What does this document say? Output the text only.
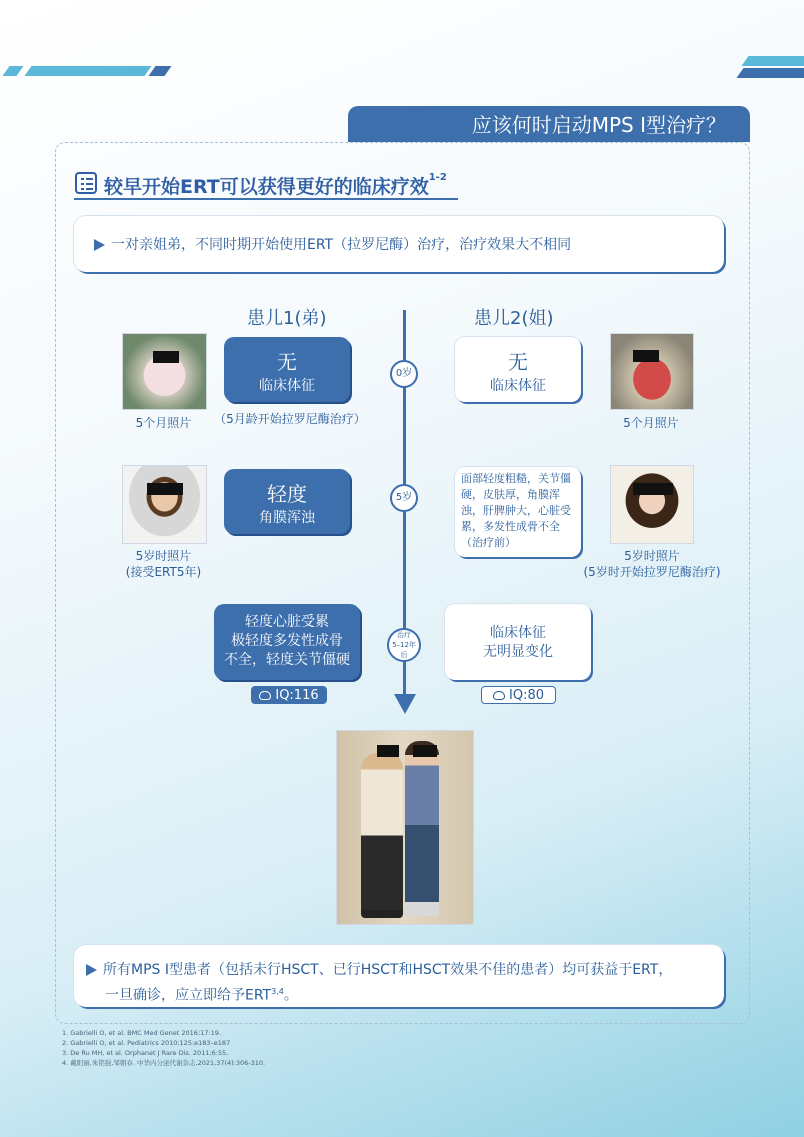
应该何时启动MPS Ⅰ型治疗？
较早开始ERT可以获得更好的临床疗效$^{1-2}$
一对亲姐弟，不同时期开始使用ERT（拉罗尼酶）治疗，治疗效果大不相同
患儿1(弟)	患儿2(姐)
0岁
5岁
治疗
5–12年后
5个月照片
无
临床体征
（5月龄开始拉罗尼酶治疗）
无
临床体征
5个月照片
5岁时照片
(接受ERT5年)
轻度
角膜浑浊
面部轻度粗糙，关节僵硬，皮肤厚，角膜浑浊，肝脾肿大，心脏受累，多发性成骨不全（治疗前）
5岁时照片
(5岁时开始拉罗尼酶治疗)
轻度心脏受累
极轻度多发性成骨
不全，轻度关节僵硬
IQ:116
临床体征
无明显变化
IQ:80
所有MPS Ⅰ型患者（包括未行HSCT、已行HSCT和HSCT效果不佳的患者）均可获益于ERT，
一旦确诊，应立即给予ERT$^{3,4}$。
1. Gabrielli O, et al. BMC Med Genet 2016;17:19.
2. Gabrielli O, et al. Pediatrics 2010;125:e183–e187
3. De Ru MH, et al. Orphanet J Rare Dis. 2011;6:55.
4. 戴阳丽,朱铭强,邹朝春. 中华内分泌代谢杂志,2021,37(4):306-310.
